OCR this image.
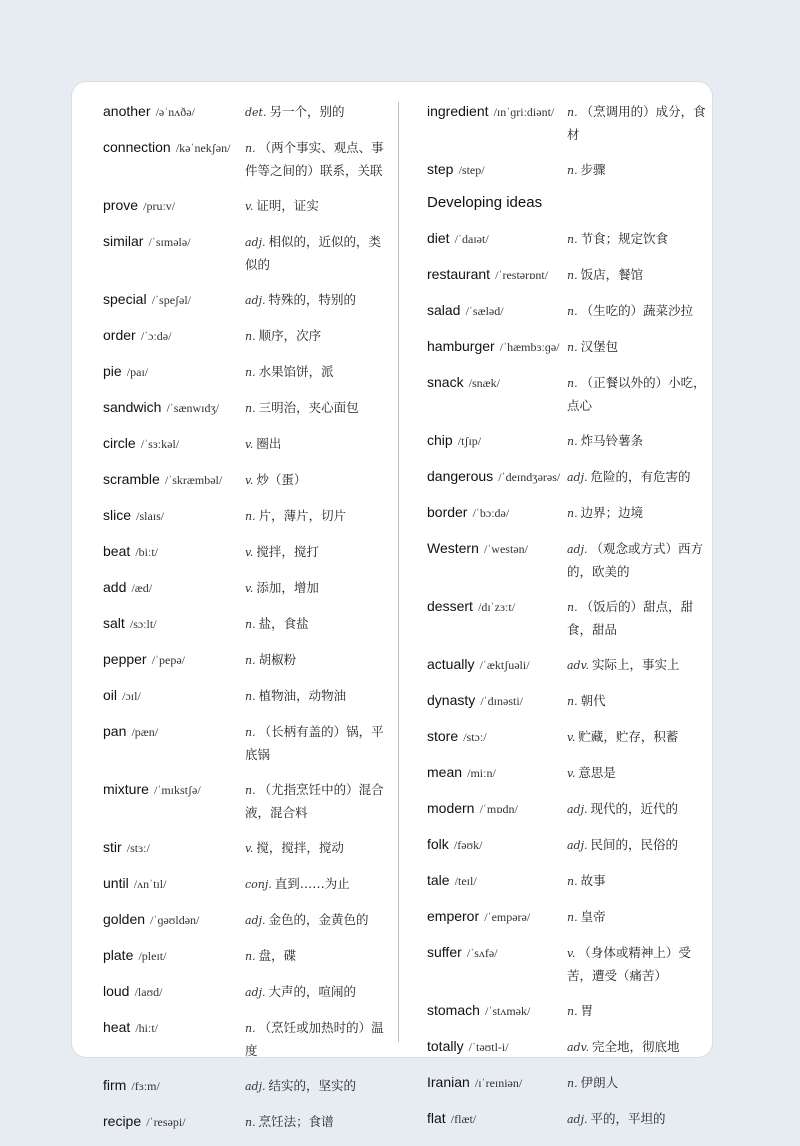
another /əˈnʌðə/	det. 另一个，别的
connection /kəˈnekʃən/	n. （两个事实、观点、事件等之间的）联系，关联
prove /pruːv/	v. 证明，证实
similar /ˈsɪmələ/	adj. 相似的，近似的，类似的
special /ˈspeʃəl/	adj. 特殊的，特别的
order /ˈɔːdə/	n. 顺序，次序
pie /paɪ/	n. 水果馅饼，派
sandwich /ˈsænwɪdʒ/	n. 三明治，夹心面包
circle /ˈsɜːkəl/	v. 圈出
scramble /ˈskræmbəl/	v. 炒（蛋）
slice /slaɪs/	n. 片，薄片，切片
beat /biːt/	v. 搅拌，搅打
add /æd/	v. 添加，增加
salt /sɔːlt/	n. 盐，食盐
pepper /ˈpepə/	n. 胡椒粉
oil /ɔɪl/	n. 植物油，动物油
pan /pæn/	n. （长柄有盖的）锅，平底锅
mixture /ˈmɪkstʃə/	n. （尤指烹饪中的）混合液，混合料
stir /stɜː/	v. 搅，搅拌，搅动
until /ʌnˈtɪl/	conj. 直到……为止
golden /ˈɡəʊldən/	adj. 金色的，金黄色的
plate /pleɪt/	n. 盘，碟
loud /laʊd/	adj. 大声的，喧闹的
heat /hiːt/	n. （烹饪或加热时的）温度
firm /fɜːm/	adj. 结实的，坚实的
recipe /ˈresəpi/	n. 烹饪法；食谱
ingredient /ɪnˈɡriːdiənt/	n. （烹调用的）成分，食材
step /step/	n. 步骤
Developing ideas
diet /ˈdaɪət/	n. 节食；规定饮食
restaurant /ˈrestərɒnt/	n. 饭店，餐馆
salad /ˈsæləd/	n. （生吃的）蔬菜沙拉
hamburger /ˈhæmbɜːɡə/ n. 汉堡包
snack /snæk/	n. （正餐以外的）小吃，点心
chip /tʃɪp/	n. 炸马铃薯条
dangerous /ˈdeɪndʒərəs/ adj. 危险的，有危害的
border /ˈbɔːdə/	n. 边界；边境
Western /ˈwestən/	adj. （观念或方式）西方的，欧美的
dessert /dɪˈzɜːt/	n. （饭后的）甜点，甜食，甜品
actually /ˈæktʃuəli/	adv. 实际上，事实上
dynasty /ˈdɪnəsti/	n. 朝代
store /stɔː/	v. 贮藏，贮存，积蓄
mean /miːn/	v. 意思是
modern /ˈmɒdn/	adj. 现代的，近代的
folk /fəʊk/	adj. 民间的，民俗的
tale /teɪl/	n. 故事
emperor /ˈempərə/	n. 皇帝
suffer /ˈsʌfə/	v. （身体或精神上）受苦，遭受（痛苦）
stomach /ˈstʌmək/	n. 胃
totally /ˈtəʊtl-i/	adv. 完全地，彻底地
Iranian /ɪˈreɪniən/	n. 伊朗人
flat /flæt/	adj. 平的，平坦的
